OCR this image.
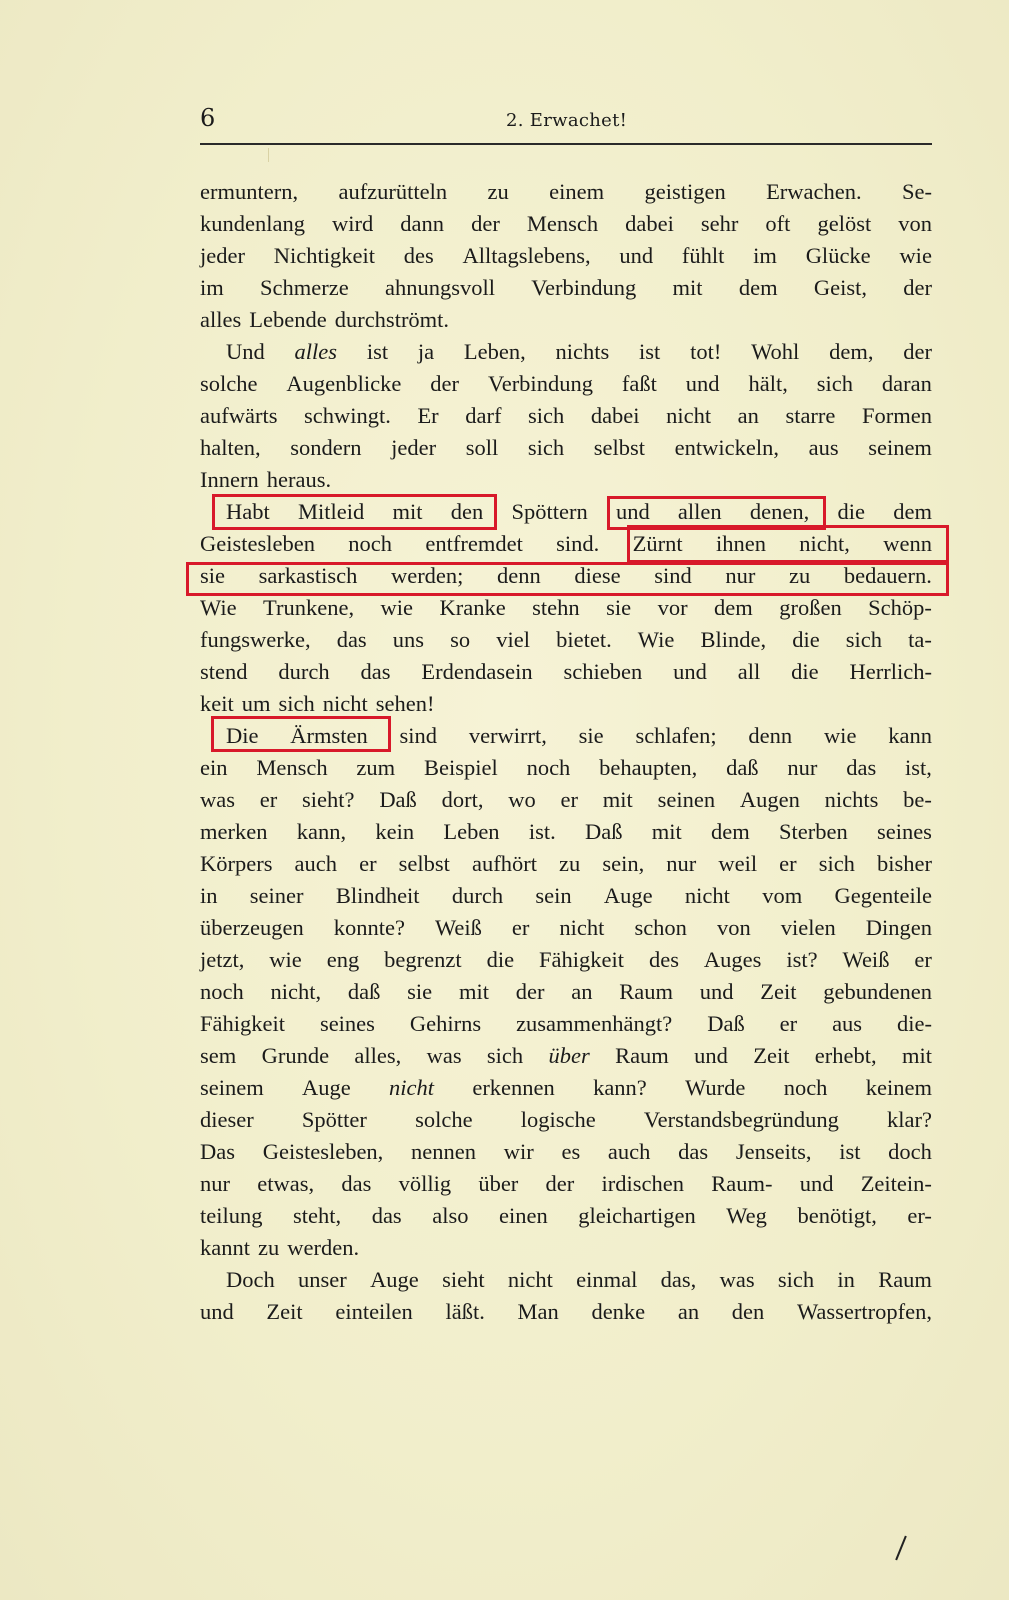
6	2. Erwachet!
ermuntern, aufzurütteln zu einem geistigen Erwachen. Se-
kundenlang wird dann der Mensch dabei sehr oft gelöst von
jeder Nichtigkeit des Alltagslebens, und fühlt im Glücke wie
im Schmerze ahnungsvoll Verbindung mit dem Geist, der
alles Lebende durchströmt.
Und alles ist ja Leben, nichts ist tot! Wohl dem, der
solche Augenblicke der Verbindung faßt und hält, sich daran
aufwärts schwingt. Er darf sich dabei nicht an starre Formen
halten, sondern jeder soll sich selbst entwickeln, aus seinem
Innern heraus.
Habt Mitleid mit den Spöttern und allen denen, die dem
Geistesleben noch entfremdet sind. Zürnt ihnen nicht, wenn
sie sarkastisch werden; denn diese sind nur zu bedauern.
Wie Trunkene, wie Kranke stehn sie vor dem großen Schöp-
fungswerke, das uns so viel bietet. Wie Blinde, die sich ta-
stend durch das Erdendasein schieben und all die Herrlich-
keit um sich nicht sehen!
Die Ärmsten sind verwirrt, sie schlafen; denn wie kann
ein Mensch zum Beispiel noch behaupten, daß nur das ist,
was er sieht? Daß dort, wo er mit seinen Augen nichts be-
merken kann, kein Leben ist. Daß mit dem Sterben seines
Körpers auch er selbst aufhört zu sein, nur weil er sich bisher
in seiner Blindheit durch sein Auge nicht vom Gegenteile
überzeugen konnte? Weiß er nicht schon von vielen Dingen
jetzt, wie eng begrenzt die Fähigkeit des Auges ist? Weiß er
noch nicht, daß sie mit der an Raum und Zeit gebundenen
Fähigkeit seines Gehirns zusammenhängt? Daß er aus die-
sem Grunde alles, was sich über Raum und Zeit erhebt, mit
seinem Auge nicht erkennen kann? Wurde noch keinem
dieser Spötter solche logische Verstandsbegründung klar?
Das Geistesleben, nennen wir es auch das Jenseits, ist doch
nur etwas, das völlig über der irdischen Raum- und Zeitein-
teilung steht, das also einen gleichartigen Weg benötigt, er-
kannt zu werden.
Doch unser Auge sieht nicht einmal das, was sich in Raum
und Zeit einteilen läßt. Man denke an den Wassertropfen,
